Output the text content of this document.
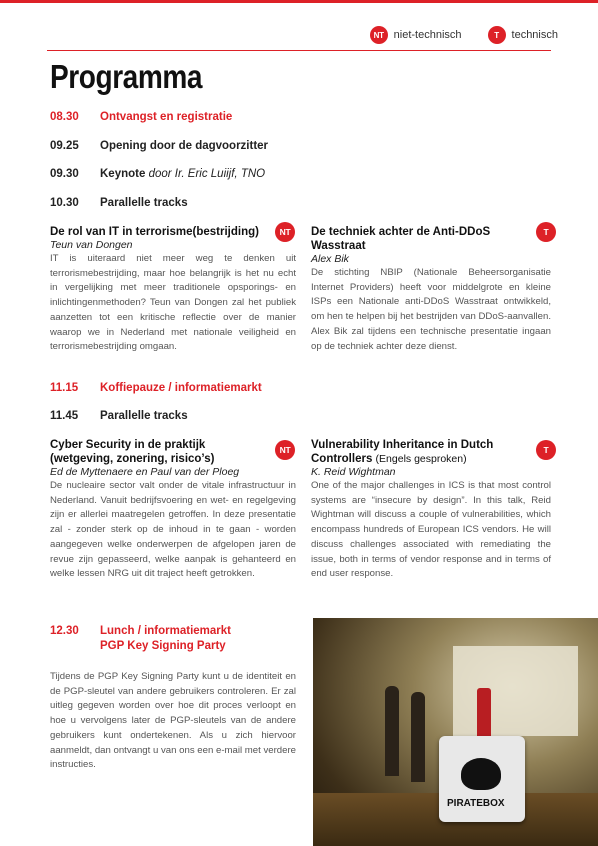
NT niet-technisch	T	technisch
Programma
08.30 Ontvangst en registratie
09.25 Opening door de dagvoorzitter
09.30 Keynote door Ir. Eric Luiijf, TNO
10.30 Parallelle tracks
De rol van IT in terrorisme(bestrijding)
Teun van Dongen
IT is uiteraard niet meer weg te denken uit terrorismebestrijding, maar hoe belangrijk is het nu echt in vergelijking met meer traditionele opsporings- en inlichtingenmethoden? Teun van Dongen zal het publiek aanzetten tot een kritische reflectie over de manier waarop we in Nederland met nationale veiligheid en terrorismebestrijding omgaan.
NT	De techniek achter de Anti-DDoS Wasstraat
Alex Bik
De stichting NBIP (Nationale Beheersorganisatie Internet Providers) heeft voor middelgrote en kleine ISPs een Nationale anti-DDoS Wasstraat ontwikkeld, om hen te helpen bij het bestrijden van DDoS-aanvallen. Alex Bik zal tijdens een technische presentatie ingaan op de techniek achter deze dienst.
T
11.15 Koffiepauze / informatiemarkt
11.45 Parallelle tracks
Cyber Security in de praktijk (wetgeving, zonering, risico’s)
Ed de Myttenaere en Paul van der Ploeg
De nucleaire sector valt onder de vitale infrastructuur in Nederland. Vanuit bedrijfsvoering en wet- en regelgeving zijn er allerlei maatregelen getroffen. In deze presentatie zal - zonder sterk op de inhoud in te gaan - worden aangegeven welke onderwerpen de afgelopen jaren de revue zijn gepasseerd, welke aanpak is gehanteerd en welke lessen NRG uit dit traject heeft getrokken.
NT	Vulnerability Inheritance in Dutch Controllers (Engels gesproken)
K. Reid Wightman
One of the major challenges in ICS is that most control systems are “insecure by design”. In this talk, Reid Wightman will discuss a couple of vulnerabilities, which encompass hundreds of European ICS vendors. He will discuss challenges associated with remediating the issue, both in terms of vendor response and in terms of end user response.
T
12.30 Lunch / informatiemarkt
PGP Key Signing Party
Tijdens de PGP Key Signing Party kunt u de identiteit en de PGP-sleutel van andere gebruikers controleren. Er zal uitleg gegeven worden over hoe dit proces verloopt en hoe u vervolgens later de PGP-sleutels van de andere gebruikers kunt ondertekenen. Als u zich hiervoor aanmeldt, dan ontvangt u van ons een e-mail met verdere instructies.
PIRATEBOX
